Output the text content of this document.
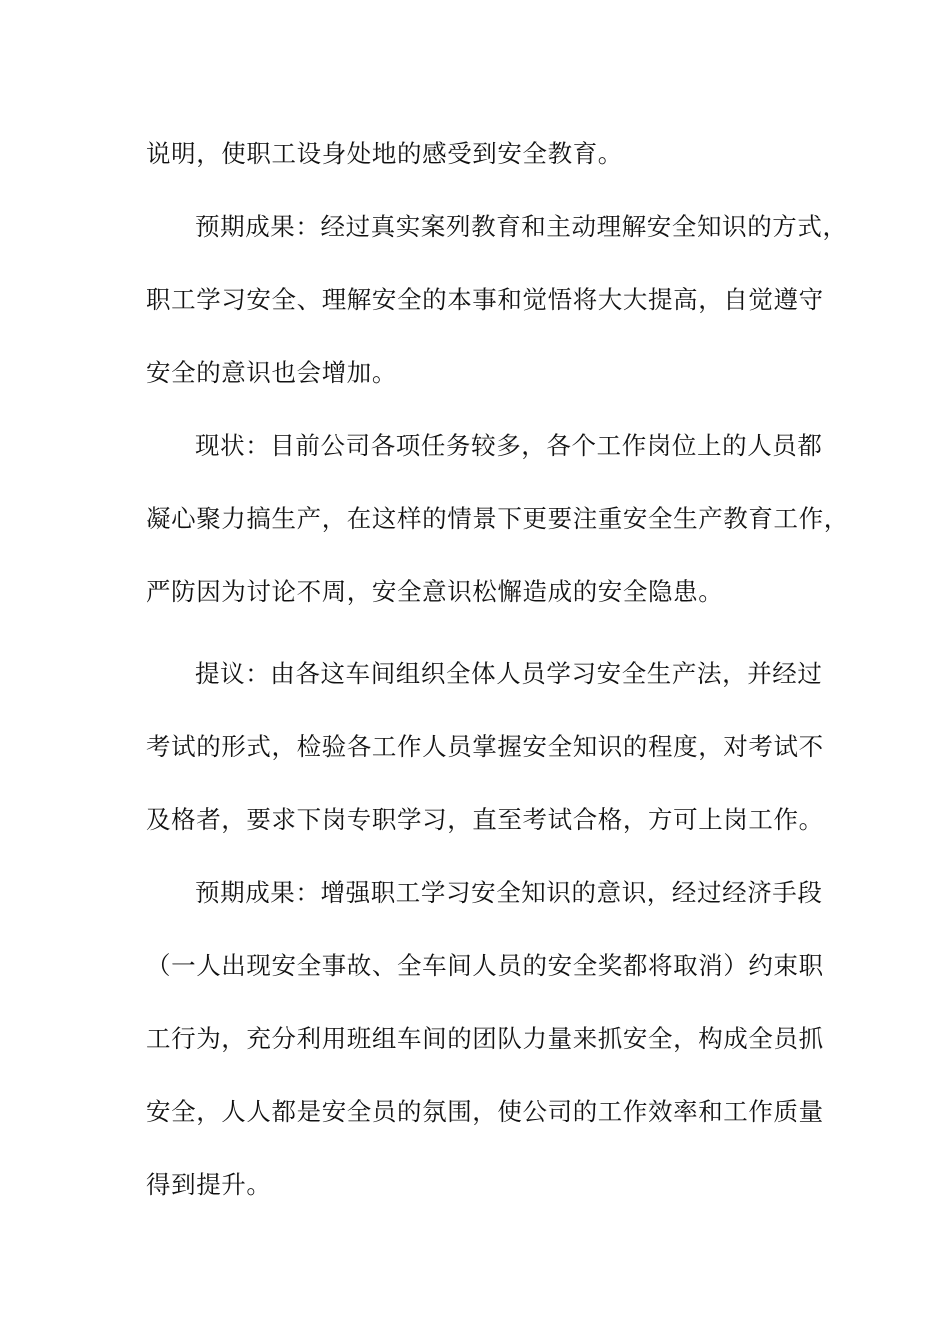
说明，使职工设身处地的感受到安全教育。
预期成果：经过真实案列教育和主动理解安全知识的方式，
职工学习安全、理解安全的本事和觉悟将大大提高，自觉遵守
安全的意识也会增加。
现状：目前公司各项任务较多，各个工作岗位上的人员都
凝心聚力搞生产，在这样的情景下更要注重安全生产教育工作，
严防因为讨论不周，安全意识松懈造成的安全隐患。
提议：由各这车间组织全体人员学习安全生产法，并经过
考试的形式，检验各工作人员掌握安全知识的程度，对考试不
及格者，要求下岗专职学习，直至考试合格，方可上岗工作。
预期成果：增强职工学习安全知识的意识，经过经济手段
（一人出现安全事故、全车间人员的安全奖都将取消）约束职
工行为，充分利用班组车间的团队力量来抓安全，构成全员抓
安全，人人都是安全员的氛围，使公司的工作效率和工作质量
得到提升。
